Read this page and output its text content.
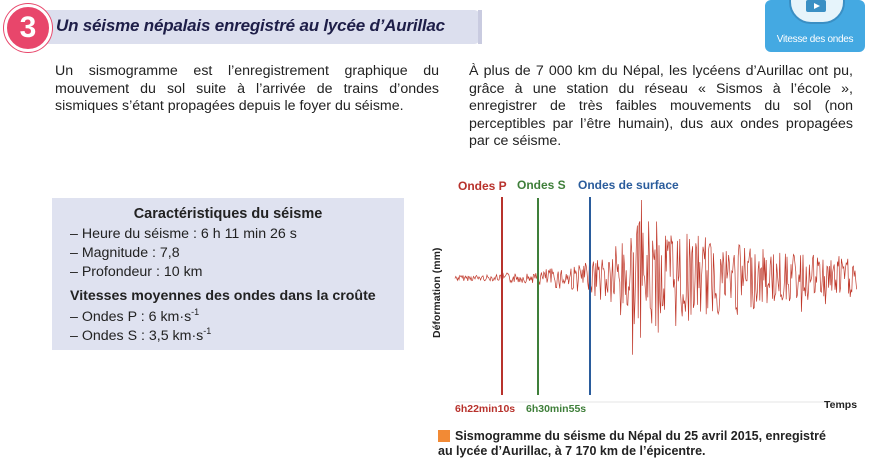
3	Un séisme népalais enregistré au lycée d’Aurillac
Vitesse des ondes
Un sismogramme est l’enregistrement graphique du mouvement du sol suite à l’arrivée de trains d’ondes sismiques s’étant propagées depuis le foyer du séisme.
À plus de 7 000 km du Népal, les lycéens d’Aurillac ont pu, grâce à une station du réseau « Sismos à l’école », enregistrer de très faibles mouvements du sol (non perceptibles par l’être humain), dus aux ondes propagées par ce séisme.
Caractéristiques du séisme
– Heure du séisme : 6 h 11 min 26 s
– Magnitude : 7,8
– Profondeur : 10 km
Vitesses moyennes des ondes dans la croûte
– Ondes P : 6 $km\cdot s^{-1}$
– Ondes S : 3,5 $km\cdot s^{-1}$	Déformation (mm)
Ondes P Ondes S Ondes de surface
6h22min10s 6h30min55s	Temps
Sismogramme du séisme du Népal du 25 avril 2015, enregistré
au lycée d’Aurillac, à 7 170 km de l’épicentre.
